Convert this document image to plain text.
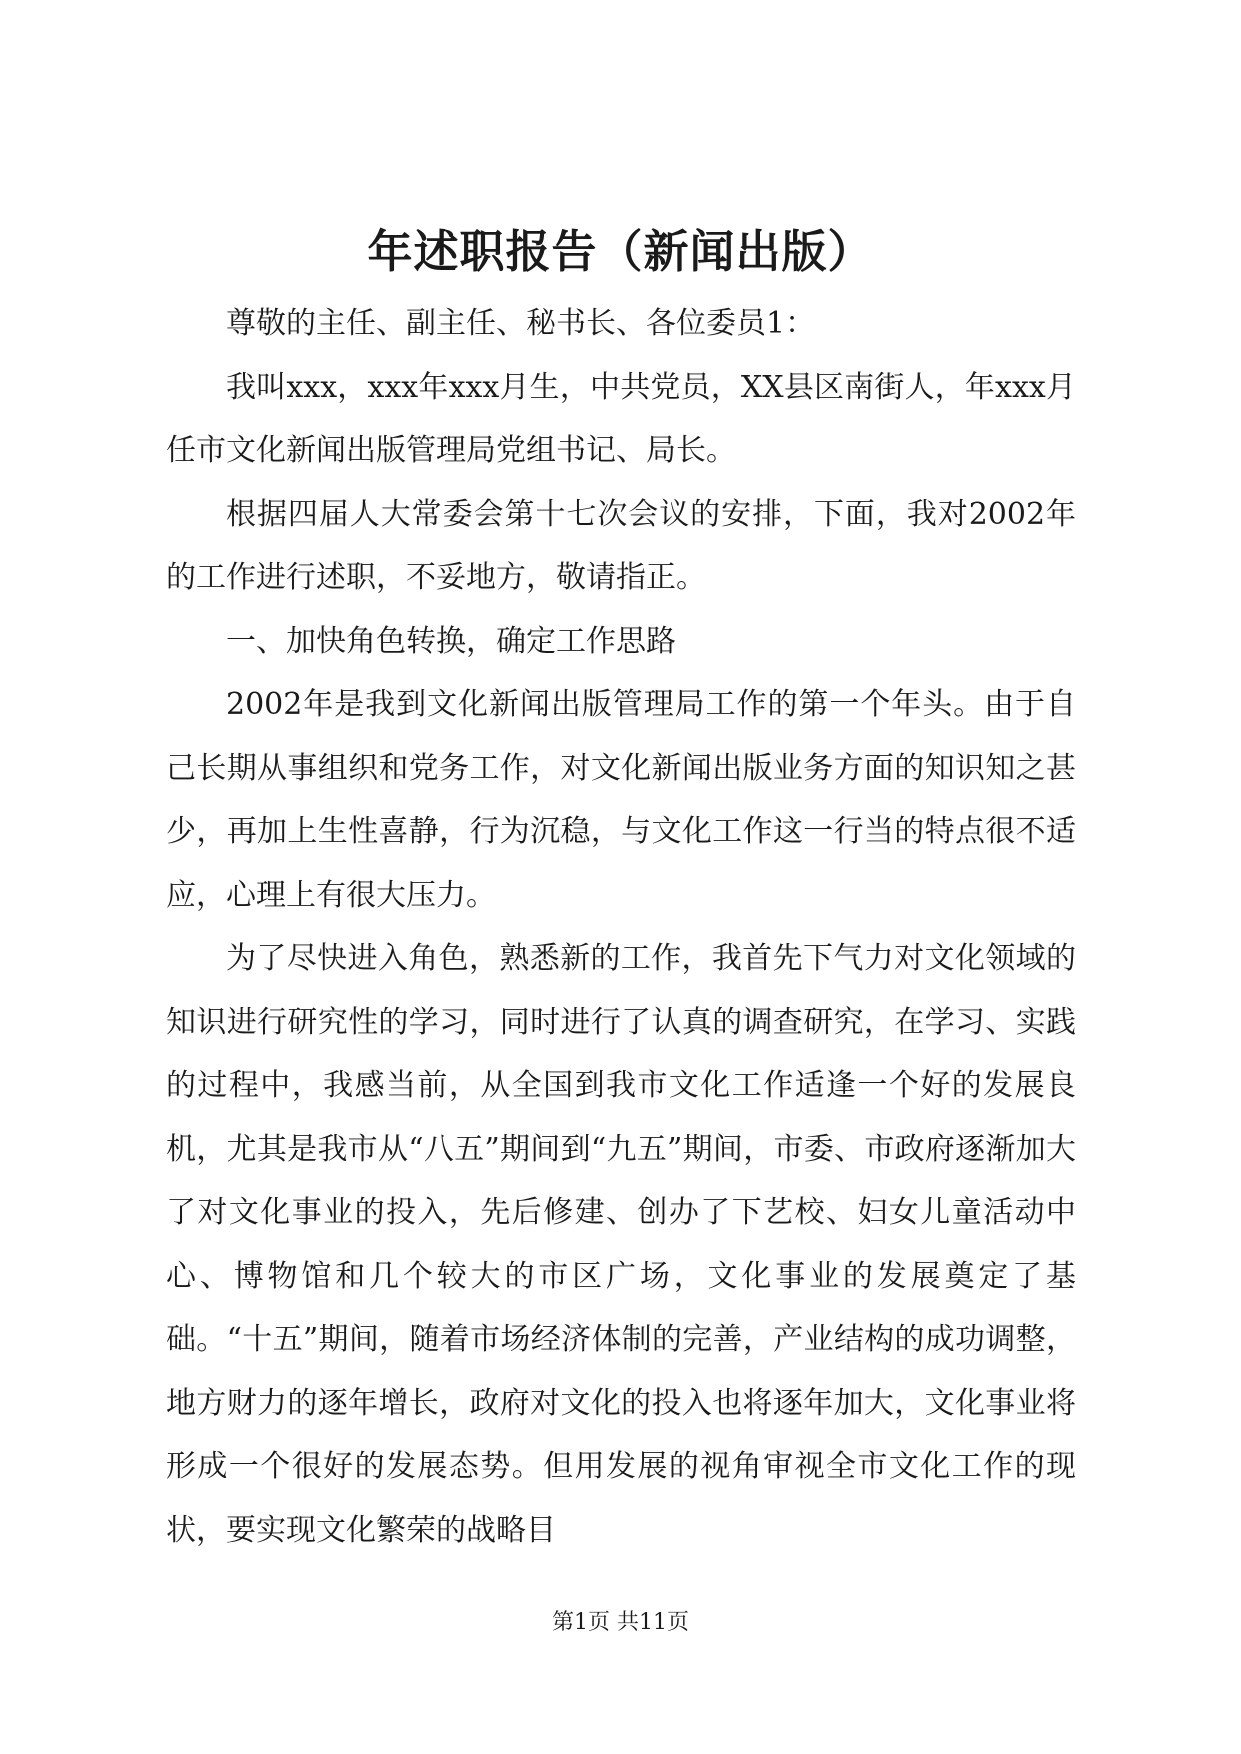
年述职报告（新闻出版）

尊敬的主任、副主任、秘书长、各位委员1：

我叫xxx，xxx年xxx月生，中共党员，XX县区南街人，年xxx月任市文化新闻出版管理局党组书记、局长。

根据四届人大常委会第十七次会议的安排，下面，我对2002年的工作进行述职，不妥地方，敬请指正。

一、加快角色转换，确定工作思路

2002年是我到文化新闻出版管理局工作的第一个年头。由于自己长期从事组织和党务工作，对文化新闻出版业务方面的知识知之甚少，再加上生性喜静，行为沉稳，与文化工作这一行当的特点很不适应，心理上有很大压力。

为了尽快进入角色，熟悉新的工作，我首先下气力对文化领域的知识进行研究性的学习，同时进行了认真的调查研究，在学习、实践的过程中，我感当前，从全国到我市文化工作适逢一个好的发展良机，尤其是我市从“八五”期间到“九五”期间，市委、市政府逐渐加大了对文化事业的投入，先后修建、创办了下艺校、妇女儿童活动中心、博物馆和几个较大的市区广场，文化事业的发展奠定了基础。“十五”期间，随着市场经济体制的完善，产业结构的成功调整，地方财力的逐年增长，政府对文化的投入也将逐年加大，文化事业将形成一个很好的发展态势。但用发展的视角审视全市文化工作的现状，要实现文化繁荣的战略目

第1页 共11页
